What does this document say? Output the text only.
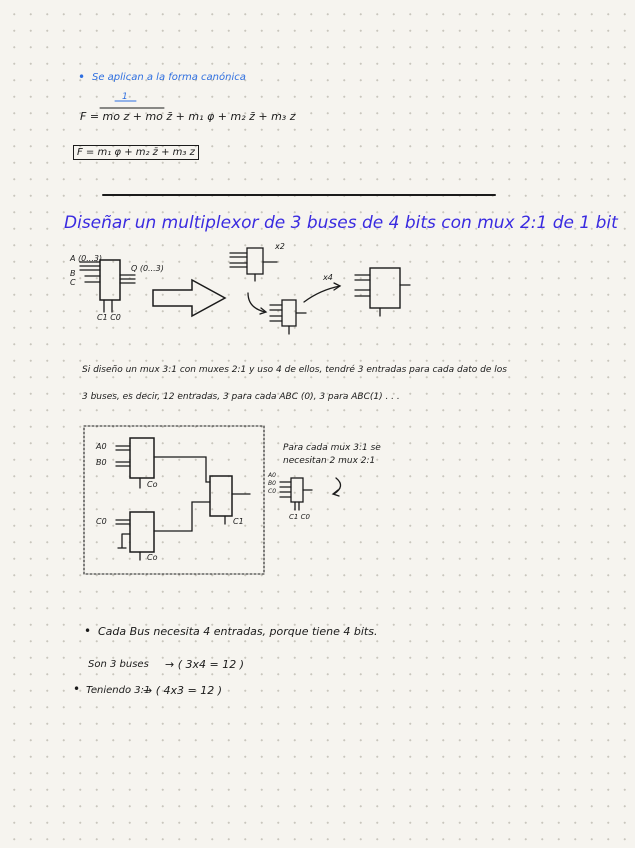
• Se aplican a la forma canónica
1
F = mo z + mo z̄ + m₁ φ + m₂ z̄ + m₃ z
F = m₁ φ + m₂ z̄ + m₃ z
Diseñar un multiplexor de 3 buses de 4 bits con mux 2:1 de 1 bit
A (0...3)
B
C
Q (0...3)
C1 C0
x2
x4
Si diseño un mux 3:1 con muxes 2:1 y uso 4 de ellos, tendré 3 entradas para cada dato de los
3 buses, es decir, 12 entradas, 3 para cada ABC (0), 3 para ABC(1) . . .
A0
B0
C0
Co
Co
C1
Para cada mux 3:1 se
necesitan 2 mux 2:1
A0
B0
C0
C1 C0
• Cada Bus necesita 4 entradas, porque tiene 4 bits.
Son 3 buses → ( 3x4 = 12 )
• Teniendo 3:1
→ ( 4x3 = 12 )
